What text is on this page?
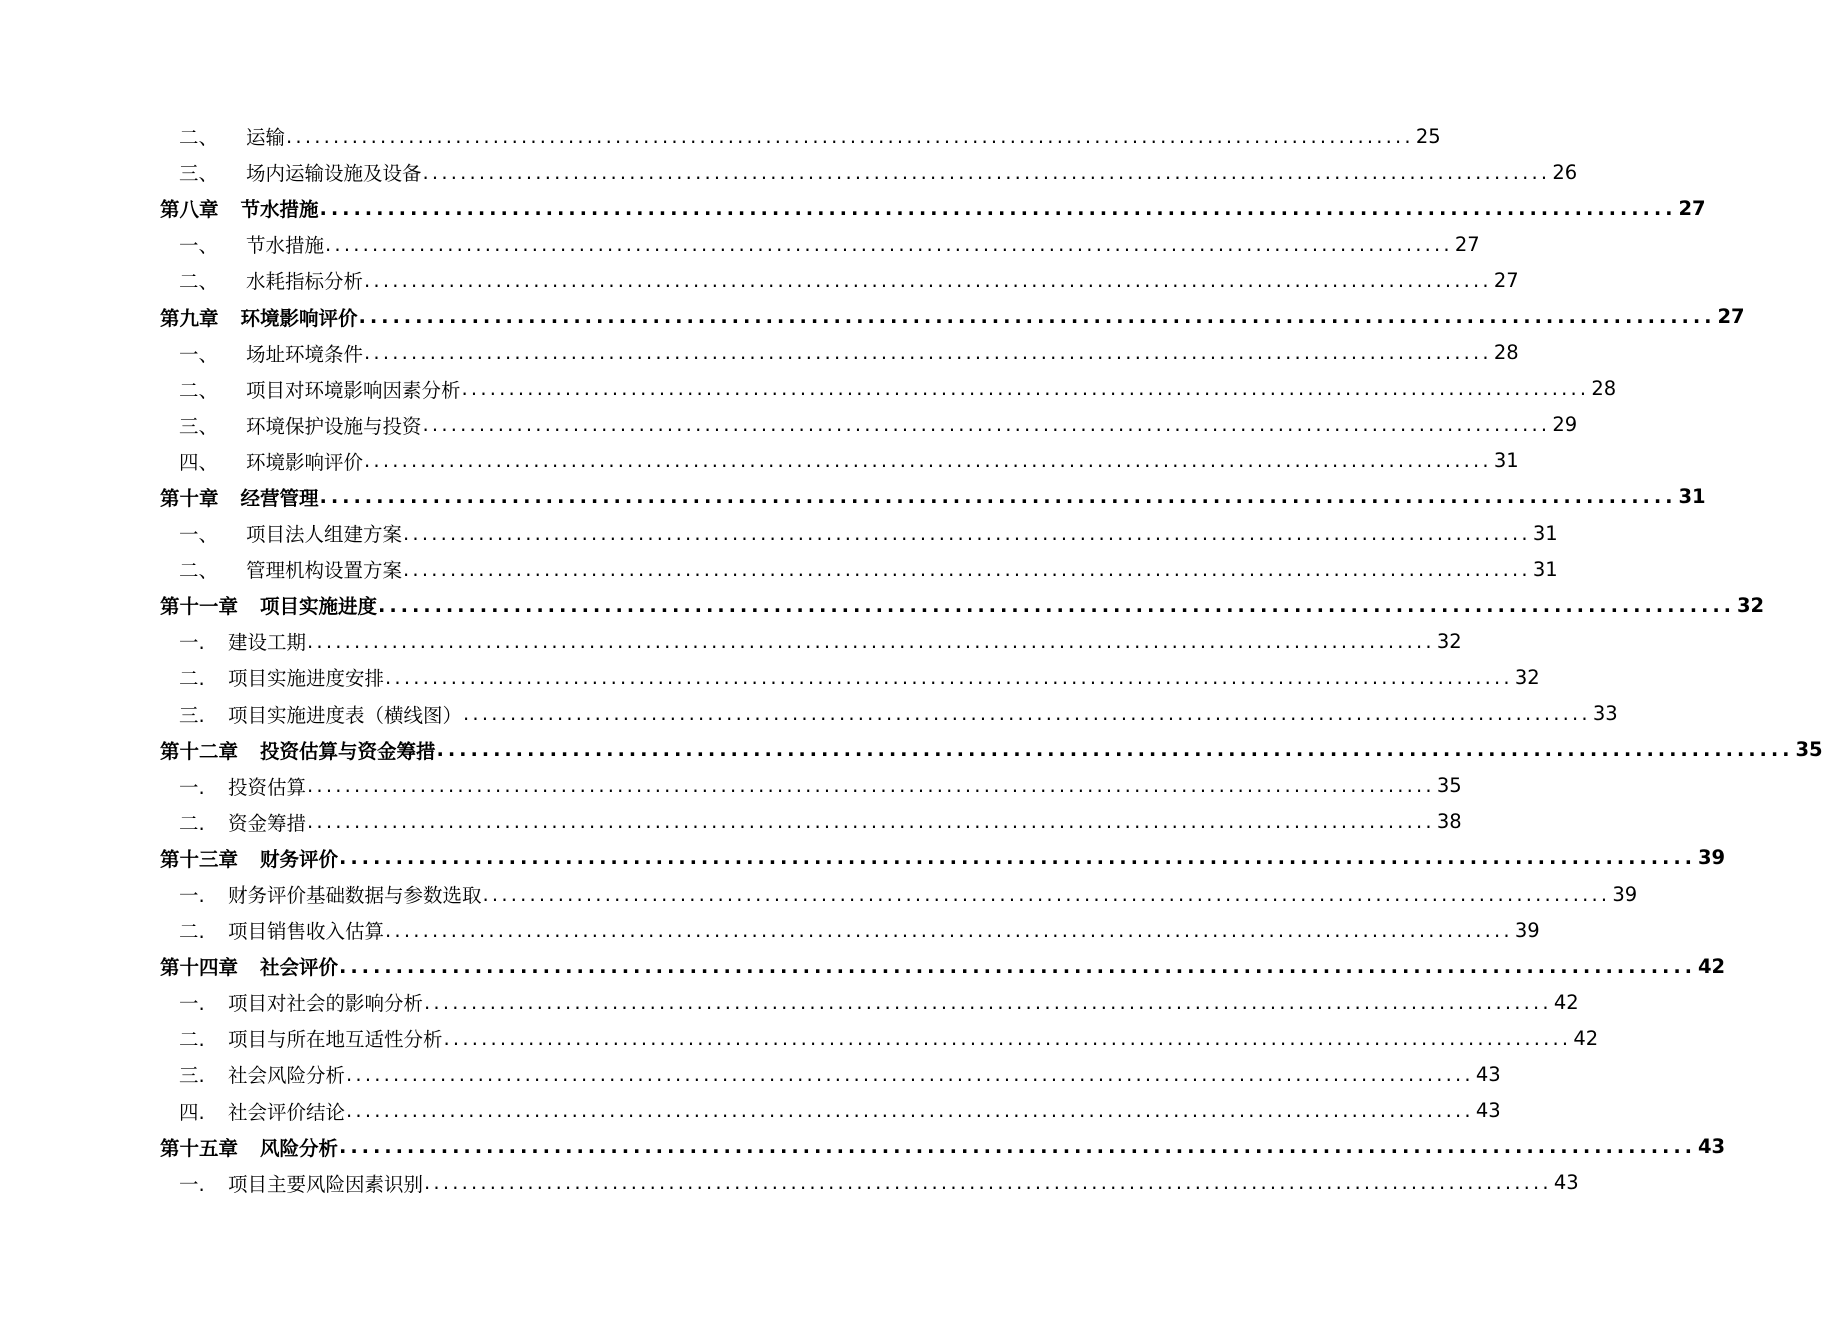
二、	运输 ........................................................................................................................ 25
三、	场内运输设施及设备 ........................................................................................................................ 26
第八章 节水措施 ........................................................................................................................ 27
一、	节水措施 ........................................................................................................................ 27
二、	水耗指标分析 ........................................................................................................................ 27
第九章 环境影响评价 ........................................................................................................................ 27
一、	场址环境条件 ........................................................................................................................ 28
二、	项目对环境影响因素分析 ........................................................................................................................ 28
三、	环境保护设施与投资 ........................................................................................................................ 29
四、	环境影响评价 ........................................................................................................................ 31
第十章 经营管理 ........................................................................................................................ 31
一、	项目法人组建方案 ........................................................................................................................ 31
二、	管理机构设置方案 ........................................................................................................................ 31
第十一章 项目实施进度 ........................................................................................................................ 32
一.	建设工期 ........................................................................................................................ 32
二.	项目实施进度安排 ........................................................................................................................ 32
三.	项目实施进度表（横线图） ........................................................................................................................ 33
第十二章 投资估算与资金筹措 ........................................................................................................................ 35
一.	投资估算 ........................................................................................................................ 35
二.	资金筹措 ........................................................................................................................ 38
第十三章 财务评价 ........................................................................................................................ 39
一.	财务评价基础数据与参数选取 ........................................................................................................................ 39
二.	项目销售收入估算 ........................................................................................................................ 39
第十四章 社会评价 ........................................................................................................................ 42
一.	项目对社会的影响分析 ........................................................................................................................ 42
二.	项目与所在地互适性分析 ........................................................................................................................ 42
三.	社会风险分析 ........................................................................................................................ 43
四.	社会评价结论 ........................................................................................................................ 43
第十五章 风险分析 ........................................................................................................................ 43
一.	项目主要风险因素识别 ........................................................................................................................ 43
